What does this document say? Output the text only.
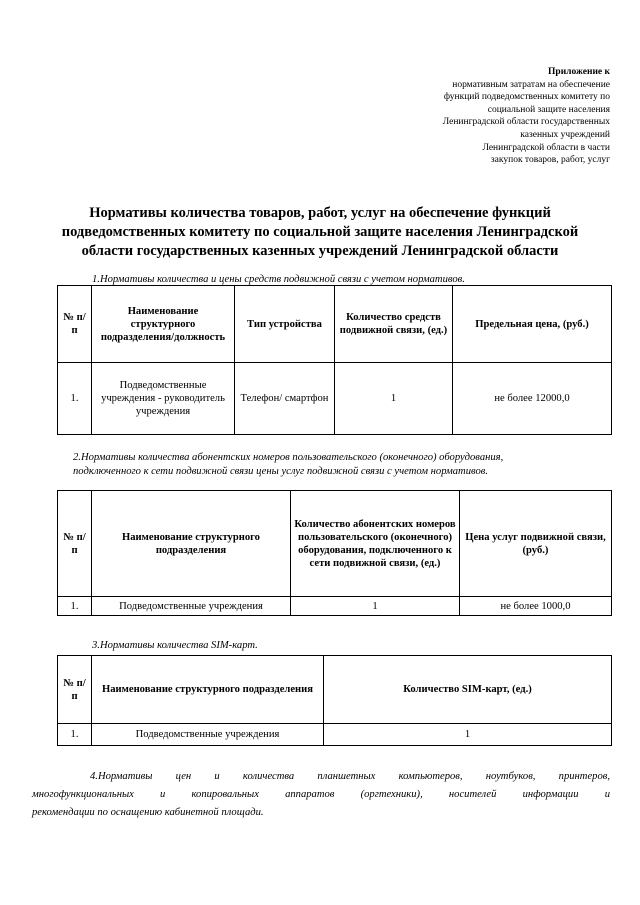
Приложение к
нормативным затратам на обеспечение
функций подведомственных комитету по
социальной защите населения
Ленинградской области государственных
казенных учреждений
Ленинградской области в части
закупок товаров, работ, услуг
Нормативы количества товаров, работ, услуг на обеспечение функций
подведомственных комитету по социальной защите населения Ленинградской
области государственных казенных учреждений Ленинградской области
1.Нормативы количества и цены средств подвижной связи с учетом нормативов.
№ п/п	Наименование структурного подразделения/должность	Тип устройства	Количество средств подвижной связи, (ед.)	Предельная цена, (руб.)
1.	Подведомственные учреждения - руководитель учреждения	Телефон/ смартфон	1	не более 12000,0
2.Нормативы количества абонентских номеров пользовательского (оконечного) оборудования,
подключенного к сети подвижной связи цены услуг подвижной связи с учетом нормативов.
№ п/п	Наименование структурного подразделения	Количество абонентских номеров пользовательского (оконечного) оборудования, подключенного к сети подвижной связи, (ед.)	Цена услуг подвижной связи, (руб.)
1.	Подведомственные учреждения	1	не более 1000,0
3.Нормативы количества SIM-карт.
№ п/п	Наименование структурного подразделения	Количество SIM-карт, (ед.)
1.	Подведомственные учреждения	1
4.Нормативы цен и количества планшетных компьютеров, ноутбуков, принтеров,
многофункциональных и копировальных аппаратов (оргтехники), носителей информации и
рекомендации по оснащению кабинетной площади.
